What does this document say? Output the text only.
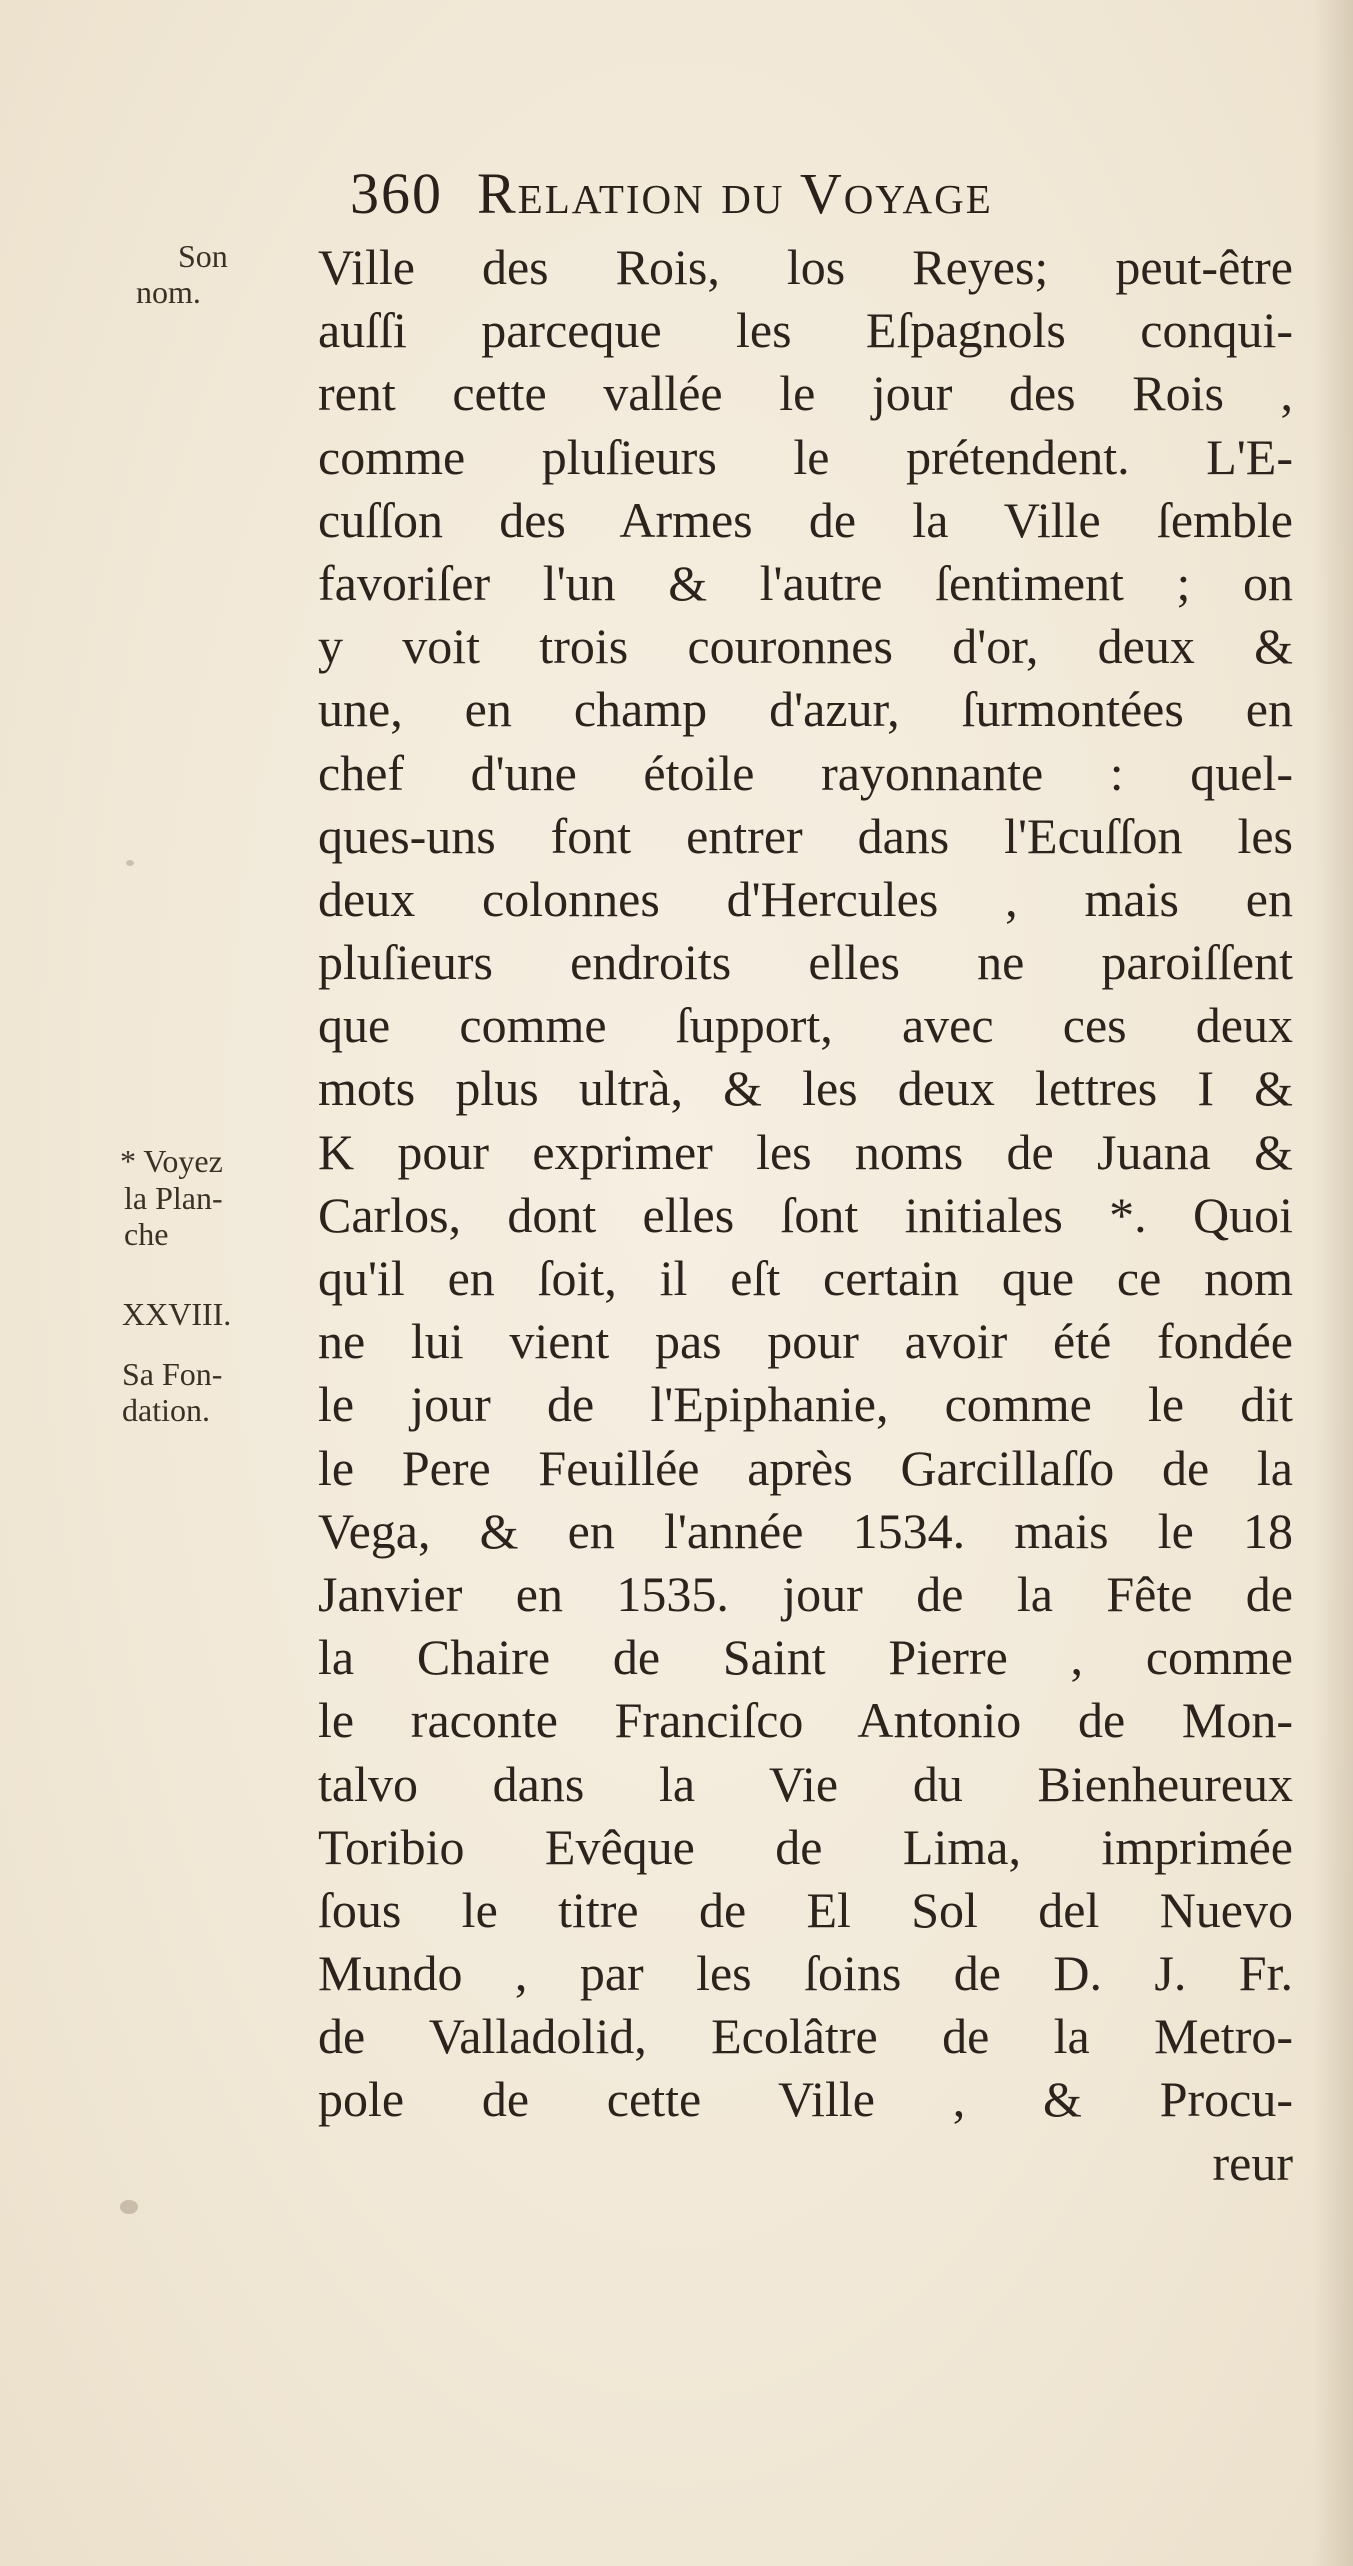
360 Relation du Voyage
Son
nom.
* Voyez
la Plan-
che
XXVIII.
Sa Fon-
dation.
Ville des Rois, los Reyes; peut-être
auſſi parceque les Eſpagnols conqui-
rent cette vallée le jour des Rois ,
comme pluſieurs le prétendent. L'E-
cuſſon des Armes de la Ville ſemble
favoriſer l'un & l'autre ſentiment ; on
y voit trois couronnes d'or, deux &
une, en champ d'azur, ſurmontées en
chef d'une étoile rayonnante : quel-
ques-uns font entrer dans l'Ecuſſon les
deux colonnes d'Hercules , mais en
pluſieurs endroits elles ne paroiſſent
que comme ſupport, avec ces deux
mots plus ultrà, & les deux lettres I &
K pour exprimer les noms de Juana &
Carlos, dont elles ſont initiales *. Quoi
qu'il en ſoit, il eſt certain que ce nom
ne lui vient pas pour avoir été fondée
le jour de l'Epiphanie, comme le dit
le Pere Feuillée après Garcillaſſo de la
Vega, & en l'année 1534. mais le 18
Janvier en 1535. jour de la Fête de
la Chaire de Saint Pierre , comme
le raconte Franciſco Antonio de Mon-
talvo dans la Vie du Bienheureux
Toribio Evêque de Lima, imprimée
ſous le titre de El Sol del Nuevo
Mundo , par les ſoins de D. J. Fr.
de Valladolid, Ecolâtre de la Metro-
pole de cette Ville , & Procu-
reur
